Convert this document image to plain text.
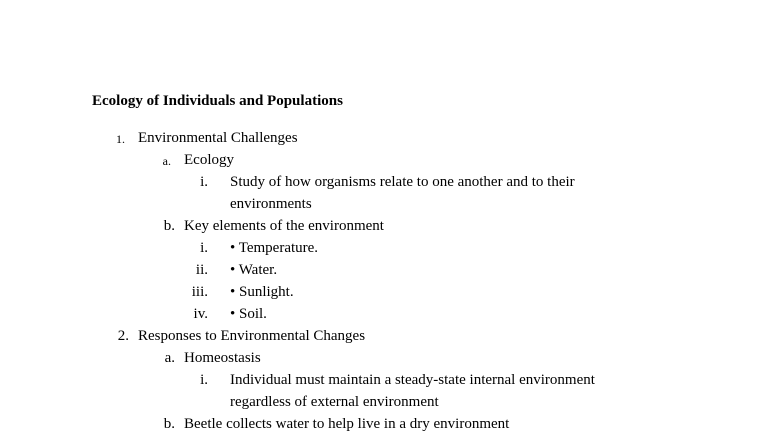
Ecology of Individuals and Populations
1. Environmental Challenges
a. Ecology
i. Study of how organisms relate to one another and to their
environments
b. Key elements of the environment
i. • Temperature.
ii. • Water.
iii. • Sunlight.
iv. • Soil.
2. Responses to Environmental Changes
a. Homeostasis
i. Individual must maintain a steady-state internal environment
regardless of external environment
b. Beetle collects water to help live in a dry environment
